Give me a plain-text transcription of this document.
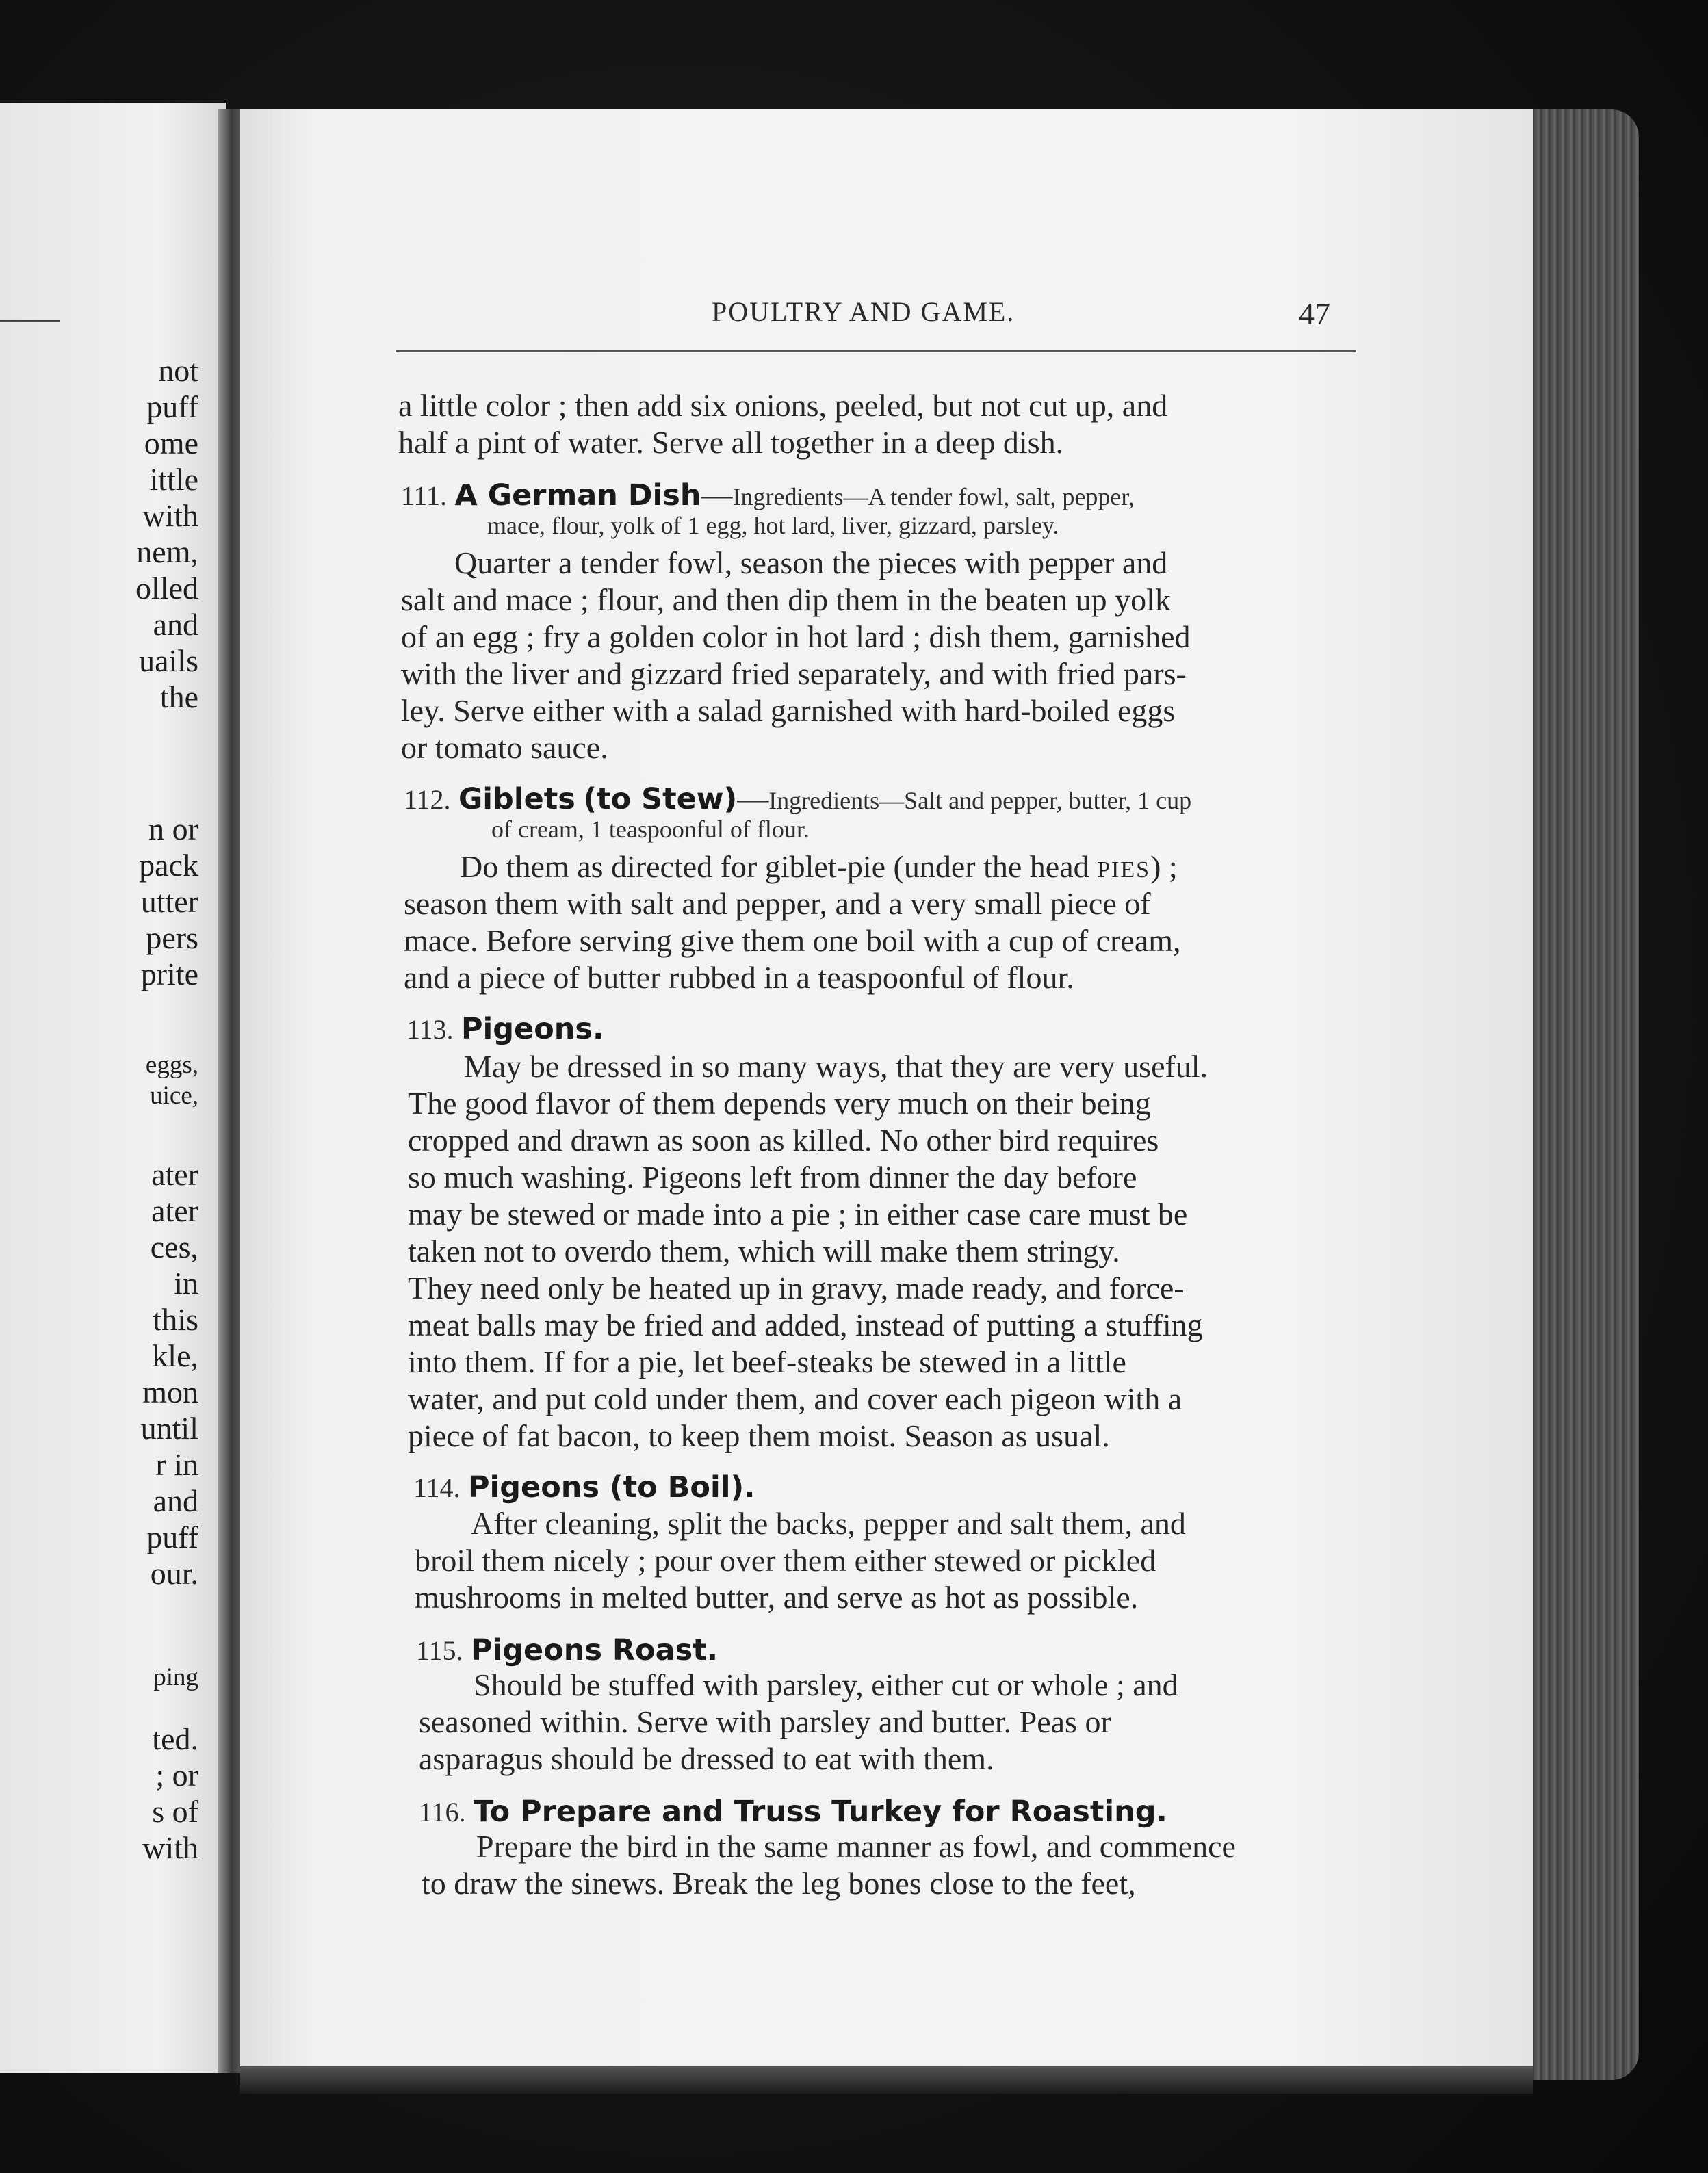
not

puff

ome

ittle

with

nem,

olled

and

uails

the

n or

pack

utter

pers

prite

eggs,

uice,

ater

ater

ces,

in

this

kle,

mon

until

r in

and

puff

our.

ping

ted.

; or

s of

with

POULTRY AND GAME.	47

a little color ; then add six onions, peeled, but not cut up, and

half a pint of water. Serve all together in a deep dish.

111. A German Dish—Ingredients—A tender fowl, salt, pepper,

mace, flour, yolk of 1 egg, hot lard, liver, gizzard, parsley.

Quarter a tender fowl, season the pieces with pepper and

salt and mace ; flour, and then dip them in the beaten up yolk

of an egg ; fry a golden color in hot lard ; dish them, garnished

with the liver and gizzard fried separately, and with fried pars-

ley. Serve either with a salad garnished with hard-boiled eggs

or tomato sauce.

112. Giblets (to Stew)—Ingredients—Salt and pepper, butter, 1 cup

of cream, 1 teaspoonful of flour.

Do them as directed for giblet-pie (under the head PIES) ;

season them with salt and pepper, and a very small piece of

mace. Before serving give them one boil with a cup of cream,

and a piece of butter rubbed in a teaspoonful of flour.

113. Pigeons.

May be dressed in so many ways, that they are very useful.

The good flavor of them depends very much on their being

cropped and drawn as soon as killed. No other bird requires

so much washing. Pigeons left from dinner the day before

may be stewed or made into a pie ; in either case care must be

taken not to overdo them, which will make them stringy.

They need only be heated up in gravy, made ready, and force-

meat balls may be fried and added, instead of putting a stuffing

into them. If for a pie, let beef-steaks be stewed in a little

water, and put cold under them, and cover each pigeon with a

piece of fat bacon, to keep them moist. Season as usual.

114. Pigeons (to Boil).

After cleaning, split the backs, pepper and salt them, and

broil them nicely ; pour over them either stewed or pickled

mushrooms in melted butter, and serve as hot as possible.

115. Pigeons Roast.

Should be stuffed with parsley, either cut or whole ; and

seasoned within. Serve with parsley and butter. Peas or

asparagus should be dressed to eat with them.

116. To Prepare and Truss Turkey for Roasting.

Prepare the bird in the same manner as fowl, and commence

to draw the sinews. Break the leg bones close to the feet,
